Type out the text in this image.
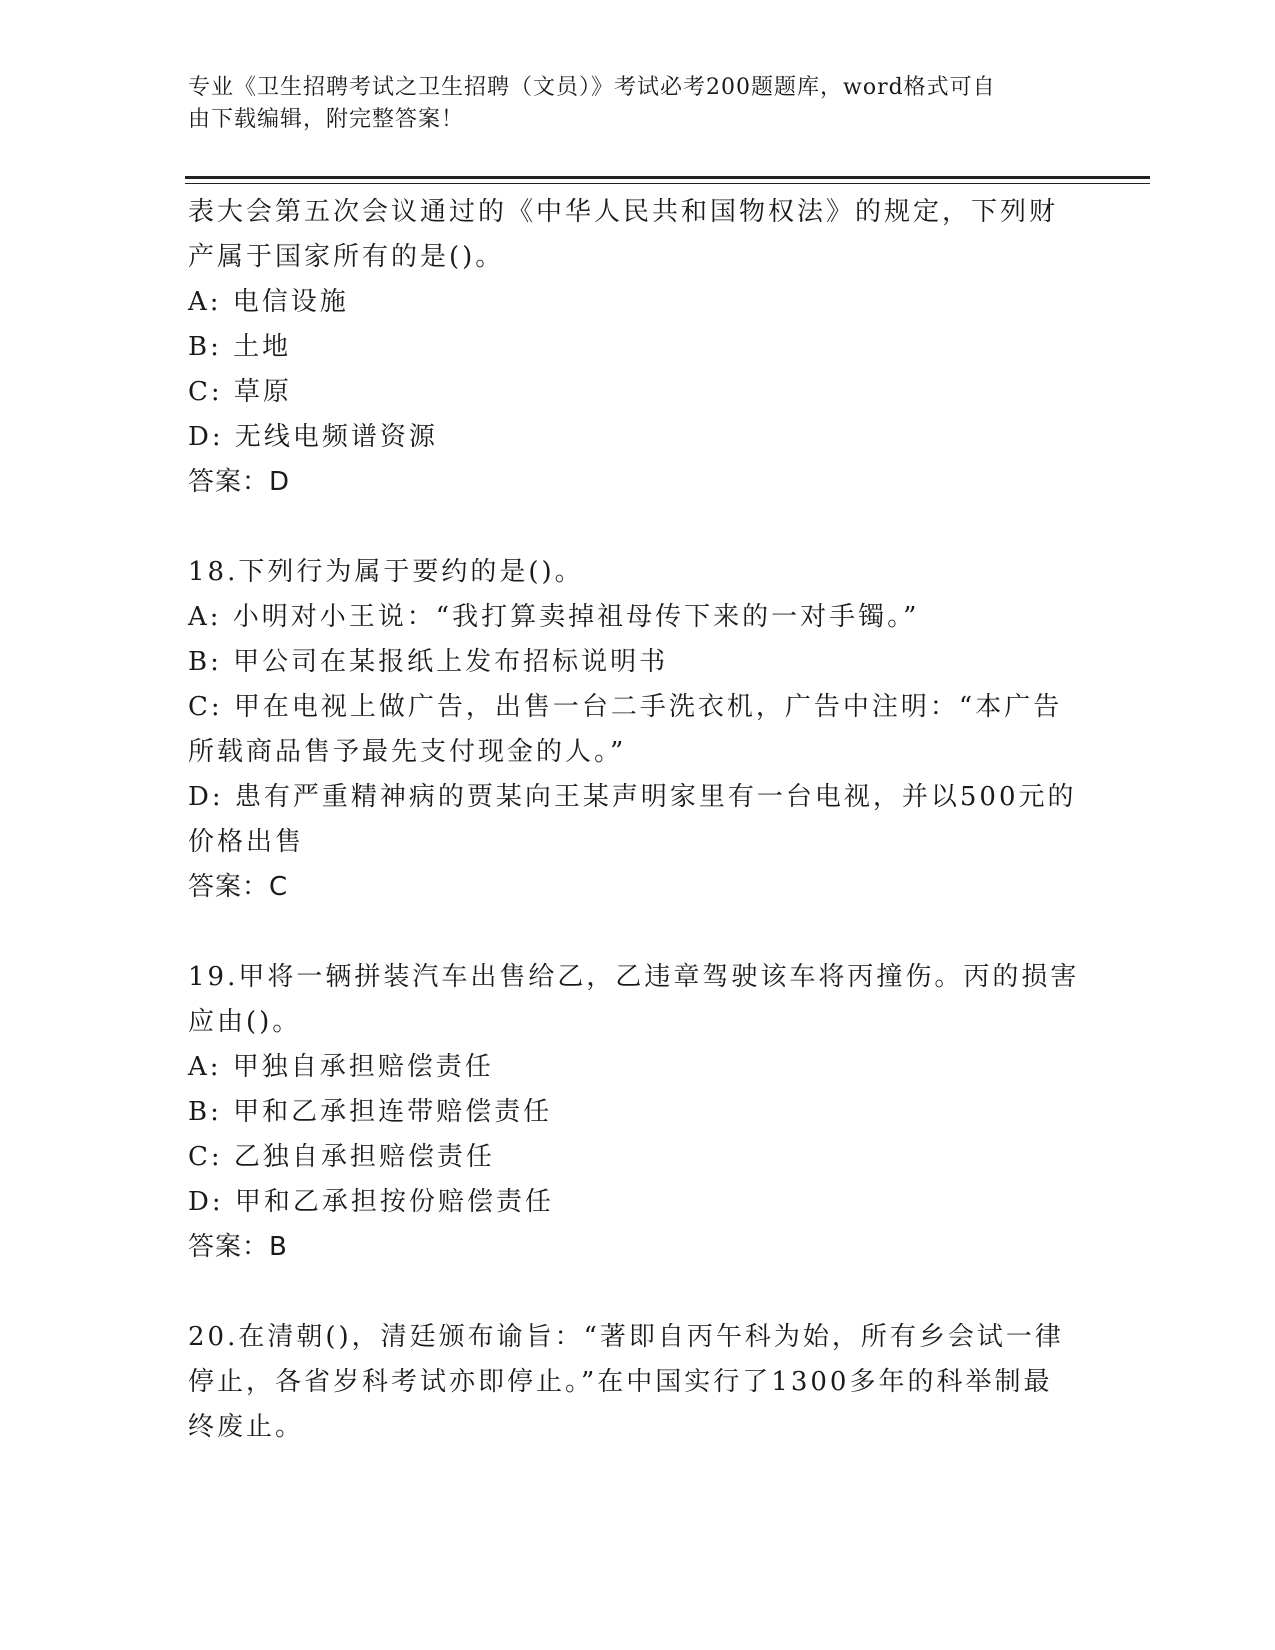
专业《卫生招聘考试之卫生招聘（文员）》考试必考200题题库，word格式可自
由下载编辑，附完整答案！
表大会第五次会议通过的《中华人民共和国物权法》的规定，下列财
产属于国家所有的是()。
A: 电信设施
B: 土地
C: 草原
D: 无线电频谱资源
答案：D
18.下列行为属于要约的是()。
A: 小明对小王说：“我打算卖掉祖母传下来的一对手镯。”
B: 甲公司在某报纸上发布招标说明书
C: 甲在电视上做广告，出售一台二手洗衣机，广告中注明：“本广告
所载商品售予最先支付现金的人。”
D: 患有严重精神病的贾某向王某声明家里有一台电视，并以500元的
价格出售
答案：C
19.甲将一辆拼装汽车出售给乙，乙违章驾驶该车将丙撞伤。丙的损害
应由()。
A: 甲独自承担赔偿责任
B: 甲和乙承担连带赔偿责任
C: 乙独自承担赔偿责任
D: 甲和乙承担按份赔偿责任
答案：B
20.在清朝()，清廷颁布谕旨：“著即自丙午科为始，所有乡会试一律
停止，各省岁科考试亦即停止。”在中国实行了1300多年的科举制最
终废止。
